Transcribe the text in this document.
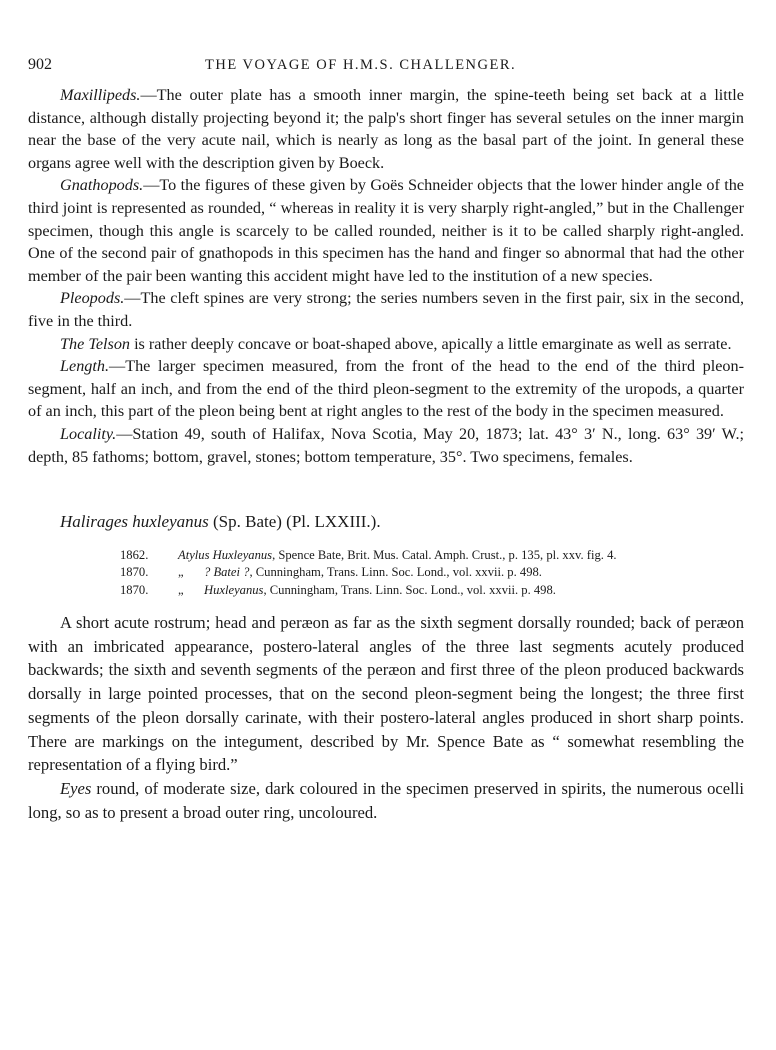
902	THE VOYAGE OF H.M.S. CHALLENGER.

Maxillipeds.—The outer plate has a smooth inner margin, the spine-teeth being set back at a little distance, although distally projecting beyond it; the palp's short finger has several setules on the inner margin near the base of the very acute nail, which is nearly as long as the basal part of the joint. In general these organs agree well with the description given by Boeck.

Gnathopods.—To the figures of these given by Goës Schneider objects that the lower hinder angle of the third joint is represented as rounded, “ whereas in reality it is very sharply right-angled,” but in the Challenger specimen, though this angle is scarcely to be called rounded, neither is it to be called sharply right-angled. One of the second pair of gnathopods in this specimen has the hand and finger so abnormal that had the other member of the pair been wanting this accident might have led to the institution of a new species.

Pleopods.—The cleft spines are very strong; the series numbers seven in the first pair, six in the second, five in the third.

The Telson is rather deeply concave or boat-shaped above, apically a little emarginate as well as serrate.

Length.—The larger specimen measured, from the front of the head to the end of the third pleon-segment, half an inch, and from the end of the third pleon-segment to the extremity of the uropods, a quarter of an inch, this part of the pleon being bent at right angles to the rest of the body in the specimen measured.

Locality.—Station 49, south of Halifax, Nova Scotia, May 20, 1873; lat. 43° 3′ N., long. 63° 39′ W.; depth, 85 fathoms; bottom, gravel, stones; bottom temperature, 35°. Two specimens, females.

Halirages huxleyanus (Sp. Bate) (Pl. LXXIII.).
1862. Atylus Huxleyanus, Spence Bate, Brit. Mus. Catal. Amph. Crust., p. 135, pl. xxv. fig. 4.
1870. „ ? Batei ?, Cunningham, Trans. Linn. Soc. Lond., vol. xxvii. p. 498.
1870. „ Huxleyanus, Cunningham, Trans. Linn. Soc. Lond., vol. xxvii. p. 498.

A short acute rostrum; head and peræon as far as the sixth segment dorsally rounded; back of peræon with an imbricated appearance, postero-lateral angles of the three last segments acutely produced backwards; the sixth and seventh segments of the peræon and first three of the pleon produced backwards dorsally in large pointed processes, that on the second pleon-segment being the longest; the three first segments of the pleon dorsally carinate, with their postero-lateral angles produced in short sharp points. There are markings on the integument, described by Mr. Spence Bate as “ somewhat resembling the representation of a flying bird.”

Eyes round, of moderate size, dark coloured in the specimen preserved in spirits, the numerous ocelli long, so as to present a broad outer ring, uncoloured.
